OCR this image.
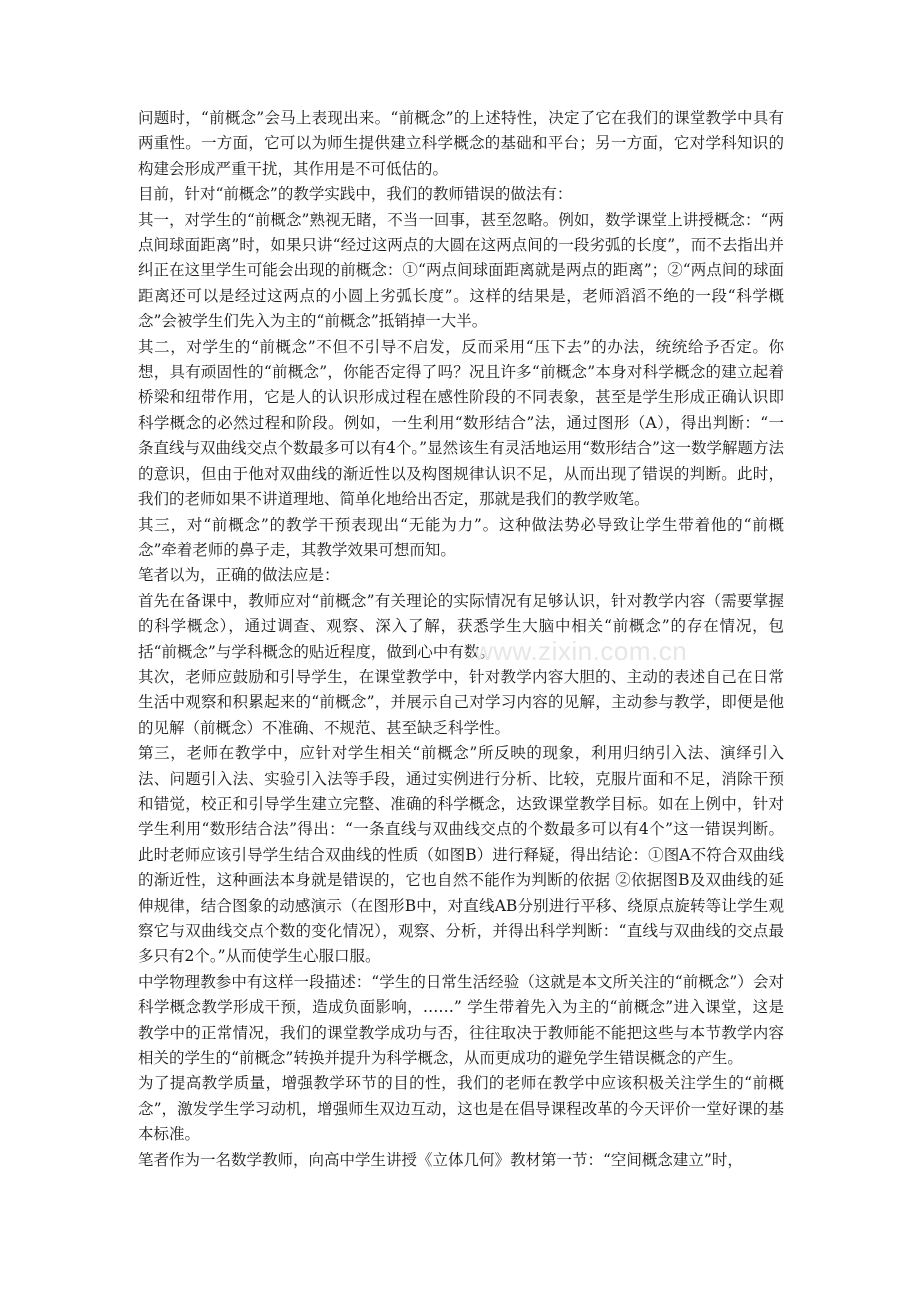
问题时，“前概念”会马上表现出来。“前概念”的上述特性，决定了它在我们的课堂教学中具有两重性。一方面，它可以为师生提供建立科学概念的基础和平台；另一方面，它对学科知识的构建会形成严重干扰，其作用是不可低估的。

目前，针对“前概念”的教学实践中，我们的教师错误的做法有：

其一，对学生的“前概念”熟视无睹，不当一回事，甚至忽略。例如，数学课堂上讲授概念：“两点间球面距离”时，如果只讲“经过这两点的大圆在这两点间的一段劣弧的长度”，而不去指出并纠正在这里学生可能会出现的前概念：①“两点间球面距离就是两点的距离”；②“两点间的球面距离还可以是经过这两点的小圆上劣弧长度”。这样的结果是，老师滔滔不绝的一段“科学概念”会被学生们先入为主的“前概念”抵销掉一大半。

其二，对学生的“前概念”不但不引导不启发，反而采用“压下去”的办法，统统给予否定。你想，具有顽固性的“前概念”，你能否定得了吗？况且许多“前概念”本身对科学概念的建立起着桥梁和纽带作用，它是人的认识形成过程在感性阶段的不同表象，甚至是学生形成正确认识即科学概念的必然过程和阶段。例如，一生利用“数形结合”法，通过图形（A），得出判断：“一条直线与双曲线交点个数最多可以有4个。”显然该生有灵活地运用“数形结合”这一数学解题方法的意识，但由于他对双曲线的渐近性以及构图规律认识不足，从而出现了错误的判断。此时，我们的老师如果不讲道理地、简单化地给出否定，那就是我们的教学败笔。

其三，对“前概念”的教学干预表现出“无能为力”。这种做法势必导致让学生带着他的“前概念”牵着老师的鼻子走，其教学效果可想而知。

笔者以为，正确的做法应是：

首先在备课中，教师应对“前概念”有关理论的实际情况有足够认识，针对教学内容（需要掌握的科学概念），通过调查、观察、深入了解，获悉学生大脑中相关“前概念”的存在情况，包括“前概念”与学科概念的贴近程度，做到心中有数。

其次，老师应鼓励和引导学生，在课堂教学中，针对教学内容大胆的、主动的表述自己在日常生活中观察和积累起来的“前概念”，并展示自己对学习内容的见解，主动参与教学，即便是他的见解（前概念）不准确、不规范、甚至缺乏科学性。

第三，老师在教学中，应针对学生相关“前概念”所反映的现象，利用归纳引入法、演绎引入法、问题引入法、实验引入法等手段，通过实例进行分析、比较，克服片面和不足，消除干预和错觉，校正和引导学生建立完整、准确的科学概念，达致课堂教学目标。如在上例中，针对学生利用“数形结合法”得出：“一条直线与双曲线交点的个数最多可以有4个”这一错误判断。此时老师应该引导学生结合双曲线的性质（如图B）进行释疑，得出结论：①图A不符合双曲线的渐近性，这种画法本身就是错误的，它也自然不能作为判断的依据 ②依据图B及双曲线的延伸规律，结合图象的动感演示（在图形B中，对直线AB分别进行平移、绕原点旋转等让学生观察它与双曲线交点个数的变化情况），观察、分析，并得出科学判断：“直线与双曲线的交点最多只有2个。”从而使学生心服口服。

中学物理教参中有这样一段描述：“学生的日常生活经验（这就是本文所关注的“前概念”）会对科学概念教学形成干预，造成负面影响，……” 学生带着先入为主的“前概念”进入课堂，这是教学中的正常情况，我们的课堂教学成功与否，往往取决于教师能不能把这些与本节教学内容相关的学生的“前概念”转换并提升为科学概念，从而更成功的避免学生错误概念的产生。

为了提高教学质量，增强教学环节的目的性，我们的老师在教学中应该积极关注学生的“前概念”，激发学生学习动机，增强师生双边互动，这也是在倡导课程改革的今天评价一堂好课的基本标准。

笔者作为一名数学教师，向高中学生讲授《立体几何》教材第一节：“空间概念建立”时，

www.zixin.com.cn
